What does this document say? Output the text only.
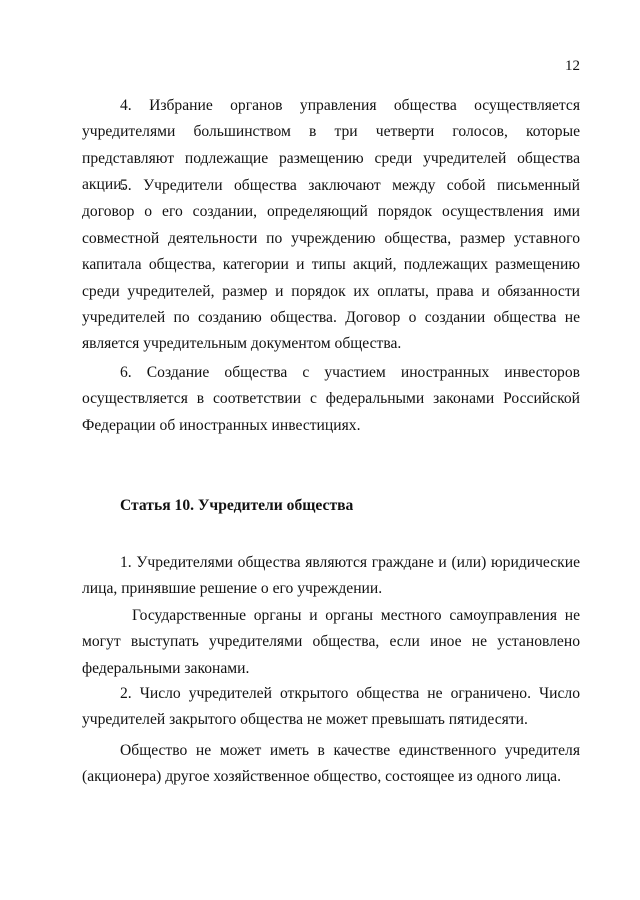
12

4. Избрание органов управления общества осуществляется учредителями большинством в три четверти голосов, которые представляют подлежащие размещению среди учредителей общества акции.

5. Учредители общества заключают между собой письменный договор о его создании, определяющий порядок осуществления ими совместной деятельности по учреждению общества, размер уставного капитала общества, категории и типы акций, подлежащих размещению среди учредителей, размер и порядок их оплаты, права и обязанности учредителей по созданию общества. Договор о создании общества не является учредительным документом общества.

6. Создание общества с участием иностранных инвесторов осуществляется в соответствии с федеральными законами Российской Федерации об иностранных инвестициях.

Статья 10. Учредители общества

1. Учредителями общества являются граждане и (или) юридические лица, принявшие решение о его учреждении.

Государственные органы и органы местного самоуправления не могут выступать учредителями общества, если иное не установлено федеральными законами.

2. Число учредителей открытого общества не ограничено. Число учредителей закрытого общества не может превышать пятидесяти.

Общество не может иметь в качестве единственного учредителя (акционера) другое хозяйственное общество, состоящее из одного лица.
